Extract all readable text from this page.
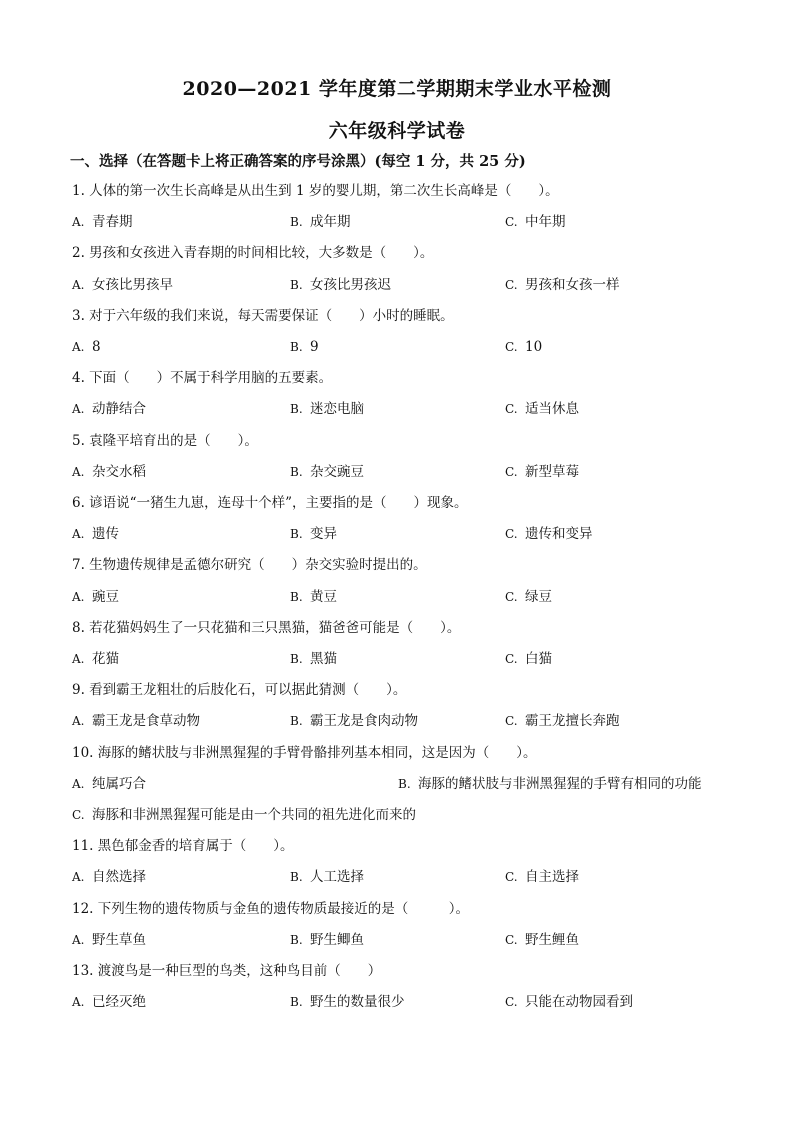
2020—2021 学年度第二学期期末学业水平检测
六年级科学试卷
一、选择（在答题卡上将正确答案的序号涂黑）(每空 1 分，共 25 分)
1. 人体的第一次生长高峰是从出生到 1 岁的婴儿期，第二次生长高峰是（　　）。
A. 青春期	B. 成年期	C. 中年期
2. 男孩和女孩进入青春期的时间相比较，大多数是（　　）。
A. 女孩比男孩早	B. 女孩比男孩迟	C. 男孩和女孩一样
3. 对于六年级的我们来说，每天需要保证（　　）小时的睡眠。
A. 8	B. 9	C. 10
4. 下面（　　）不属于科学用脑的五要素。
A. 动静结合	B. 迷恋电脑	C. 适当休息
5. 袁隆平培育出的是（　　）。
A. 杂交水稻	B. 杂交豌豆	C. 新型草莓
6. 谚语说“一猪生九崽，连母十个样”，主要指的是（　　）现象。
A. 遗传	B. 变异	C. 遗传和变异
7. 生物遗传规律是孟德尔研究（　　）杂交实验时提出的。
A. 豌豆	B. 黄豆	C. 绿豆
8. 若花猫妈妈生了一只花猫和三只黑猫，猫爸爸可能是（　　）。
A. 花猫	B. 黑猫	C. 白猫
9. 看到霸王龙粗壮的后肢化石，可以据此猜测（　　）。
A. 霸王龙是食草动物	B. 霸王龙是食肉动物	C. 霸王龙擅长奔跑
10. 海豚的鳍状肢与非洲黑猩猩的手臂骨骼排列基本相同，这是因为（　　）。
A. 纯属巧合	B. 海豚的鳍状肢与非洲黑猩猩的手臂有相同的功能
C. 海豚和非洲黑猩猩可能是由一个共同的祖先进化而来的
11. 黑色郁金香的培育属于（　　）。
A. 自然选择	B. 人工选择	C. 自主选择
12. 下列生物的遗传物质与金鱼的遗传物质最接近的是（　　　）。
A. 野生草鱼	B. 野生鲫鱼	C. 野生鲤鱼
13. 渡渡鸟是一种巨型的鸟类，这种鸟目前（　　）
A. 已经灭绝	B. 野生的数量很少	C. 只能在动物园看到
